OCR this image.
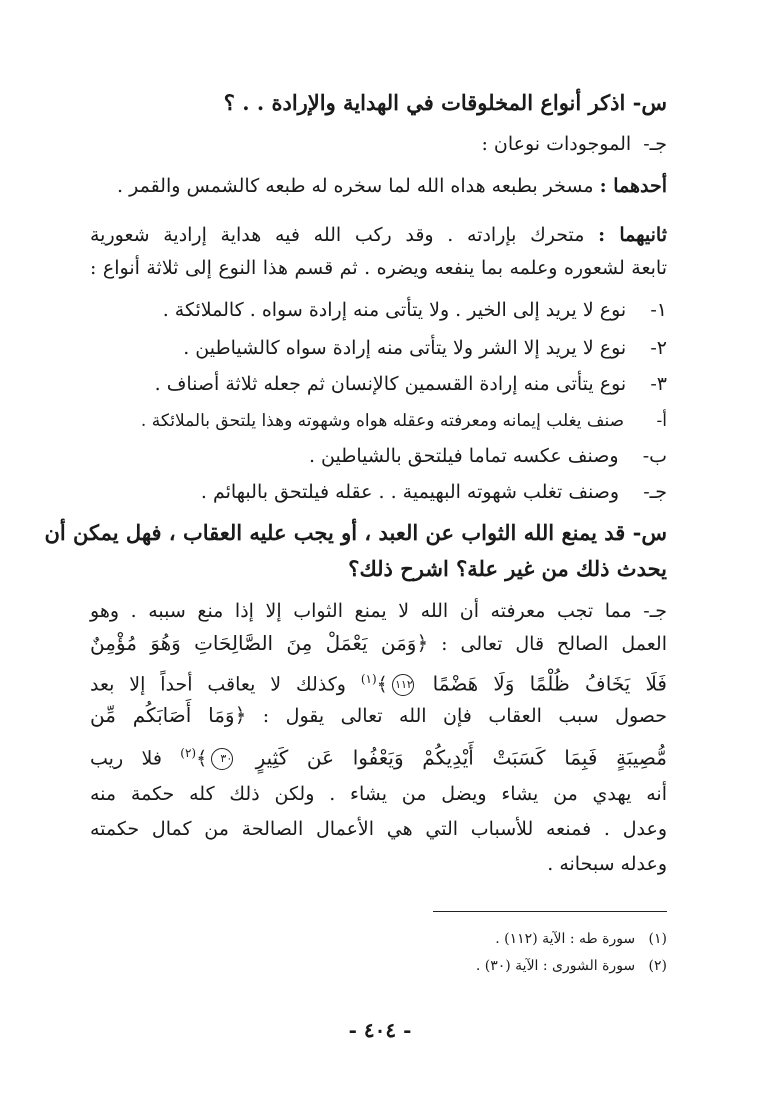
س- اذكر أنواع المخلوقات في الهداية والإرادة . . ؟
جـ-  الموجودات نوعان :
أحدهما : مسخر بطبعه هداه الله لما سخره له طبعه كالشمس والقمر .
ثانيهما : متحرك بإرادته . وقد ركب الله فيه هداية إرادية شعورية
تابعة لشعوره وعلمه بما ينفعه ويضره . ثم قسم هذا النوع إلى ثلاثة أنواع :
١-    نوع لا يريد إلى الخير . ولا يتأتى منه إرادة سواه . كالملائكة .
٢-    نوع لا يريد إلا الشر ولا يتأتى منه إرادة سواه كالشياطين .
٣-    نوع يتأتى منه إرادة القسمين كالإنسان ثم جعله ثلاثة أصناف .
أ-      صنف يغلب إيمانه ومعرفته وعقله هواه وشهوته وهذا يلتحق بالملائكة .
ب-    وصنف عكسه تماما فيلتحق بالشياطين .
جـ-    وصنف تغلب شهوته البهيمية . . عقله فيلتحق بالبهائم .
س- قد يمنع الله الثواب عن العبد ، أو يجب عليه العقاب ، فهل يمكن أن
يحدث ذلك من غير علة؟ اشرح ذلك؟
جـ- مما تجب معرفته أن الله لا يمنع الثواب إلا إذا منع سببه . وهو
العمل الصالح قال تعالى : ﴿وَمَن يَعْمَلْ مِنَ الصَّالِحَاتِ وَهُوَ مُؤْمِنٌ
فَلَا يَخَافُ ظُلْمًا وَلَا هَضْمًا ١١٢﴾$^{(١)}$ وكذلك لا يعاقب أحداً إلا بعد
حصول سبب العقاب فإن الله تعالى يقول : ﴿وَمَا أَصَابَكُم مِّن
مُّصِيبَةٍ فَبِمَا كَسَبَتْ أَيْدِيكُمْ وَيَعْفُوا عَن كَثِيرٍ ٣٠﴾$^{(٢)}$ فلا ريب
أنه يهدي من يشاء ويضل من يشاء . ولكن ذلك كله حكمة منه
وعدل . فمنعه للأسباب التي هي الأعمال الصالحة من كمال حكمته
وعدله سبحانه .
(١)   سورة طه : الآية (١١٢) .
(٢)   سورة الشورى : الآية (٣٠) .
- ٤٠٤ -
